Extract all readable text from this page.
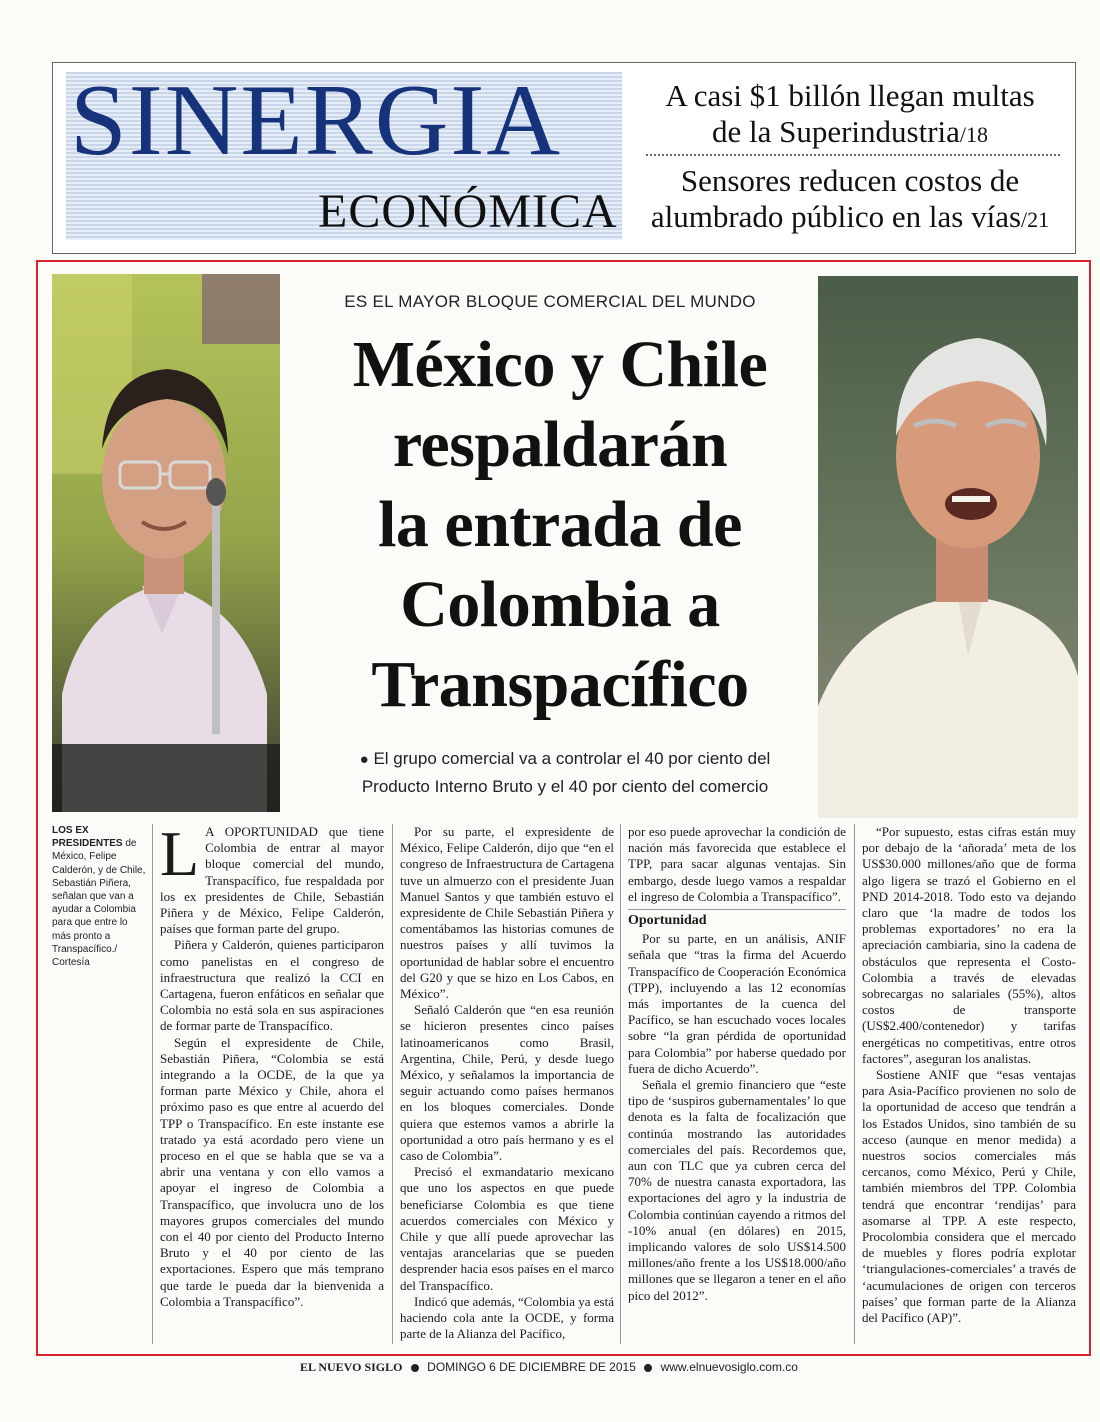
SINERGIA
ECONÓMICA
A casi $1 billón llegan multas
de la Superindustria/18
Sensores reducen costos de
alumbrado público en las vías/21
ES EL MAYOR BLOQUE COMERCIAL DEL MUNDO
México y Chile
respaldarán
la entrada de
Colombia a
Transpacífico
● El grupo comercial va a controlar el 40 por ciento del Producto Interno Bruto y el 40 por ciento del comercio
LOS EX PRESIDENTES de México, Felipe Calderón, y de Chile, Sebastián Piñera, señalan que van a ayudar a Colombia para que entre lo más pronto a Transpacífico./ Cortesía

L A OPORTUNIDAD que tiene Colombia de entrar al mayor bloque comercial del mundo, Transpacífico, fue respaldada por los ex presidentes de Chile, Sebastián Piñera y de México, Felipe Calderón, países que forman parte del grupo.

Piñera y Calderón, quienes participaron como panelistas en el congreso de infraestructura que realizó la CCI en Cartagena, fueron enfáticos en señalar que Colombia no está sola en sus aspiraciones de formar parte de Transpacífico.

Según el expresidente de Chile, Sebastián Piñera, “Colombia se está integrando a la OCDE, de la que ya forman parte México y Chile, ahora el próximo paso es que entre al acuerdo del TPP o Transpacífico. En este instante ese tratado ya está acordado pero viene un proceso en el que se habla que se va a abrir una ventana y con ello vamos a apoyar el ingreso de Colombia a Transpacífico, que involucra uno de los mayores grupos comerciales del mundo con el 40 por ciento del Producto Interno Bruto y el 40 por ciento de las exportaciones. Espero que más temprano que tarde le pueda dar la bienvenida a Colombia a Transpacífico”.

Por su parte, el expresidente de México, Felipe Calderón, dijo que “en el congreso de Infraestructura de Cartagena tuve un almuerzo con el presidente Juan Manuel Santos y que también estuvo el expresidente de Chile Sebastián Piñera y comentábamos las historias comunes de nuestros países y allí tuvimos la oportunidad de hablar sobre el encuentro del G20 y que se hizo en Los Cabos, en México”.

Señaló Calderón que “en esa reunión se hicieron presentes cinco países latinoamericanos como Brasil, Argentina, Chile, Perú, y desde luego México, y señalamos la importancia de seguir actuando como países hermanos en los bloques comerciales. Donde quiera que estemos vamos a abrirle la oportunidad a otro país hermano y es el caso de Colombia”.

Precisó el exmandatario mexicano que uno los aspectos en que puede beneficiarse Colombia es que tiene acuerdos comerciales con México y Chile y que allí puede aprovechar las ventajas arancelarias que se pueden desprender hacia esos países en el marco del Transpacífico.

Indicó que además, “Colombia ya está haciendo cola ante la OCDE, y forma parte de la Alianza del Pacífico,

por eso puede aprovechar la condición de nación más favorecida que establece el TPP, para sacar algunas ventajas. Sin embargo, desde luego vamos a respaldar el ingreso de Colombia a Transpacífico”.

Oportunidad

Por su parte, en un análisis, ANIF señala que “tras la firma del Acuerdo Transpacífico de Cooperación Económica (TPP), incluyendo a las 12 economías más importantes de la cuenca del Pacífico, se han escuchado voces locales sobre “la gran pérdida de oportunidad para Colombia” por haberse quedado por fuera de dicho Acuerdo”.

Señala el gremio financiero que “este tipo de ‘suspiros gubernamentales’ lo que denota es la falta de focalización que continúa mostrando las autoridades comerciales del país. Recordemos que, aun con TLC que ya cubren cerca del 70% de nuestra canasta exportadora, las exportaciones del agro y la industria de Colombia continúan cayendo a ritmos del -10% anual (en dólares) en 2015, implicando valores de solo US$14.500 millones/año frente a los US$18.000/año millones que se llegaron a tener en el año pico del 2012”.

“Por supuesto, estas cifras están muy por debajo de la ‘añorada’ meta de los US$30.000 millones/año que de forma algo ligera se trazó el Gobierno en el PND 2014-2018. Todo esto va dejando claro que ‘la madre de todos los problemas exportadores’ no era la apreciación cambiaria, sino la cadena de obstáculos que representa el Costo-Colombia a través de elevadas sobrecargas no salariales (55%), altos costos de transporte (US$2.400/contenedor) y tarifas energéticas no competitivas, entre otros factores”, aseguran los analistas.

Sostiene ANIF que “esas ventajas para Asia-Pacífico provienen no solo de la oportunidad de acceso que tendrán a los Estados Unidos, sino también de su acceso (aunque en menor medida) a nuestros socios comerciales más cercanos, como México, Perú y Chile, también miembros del TPP. Colombia tendrá que encontrar ‘rendijas’ para asomarse al TPP. A este respecto, Procolombia considera que el mercado de muebles y flores podría explotar ‘triangulaciones-comerciales’ a través de ‘acumulaciones de origen con terceros países’ que forman parte de la Alianza del Pacífico (AP)”.

EL NUEVO SIGLO DOMINGO 6 DE DICIEMBRE DE 2015 www.elnuevosiglo.com.co
